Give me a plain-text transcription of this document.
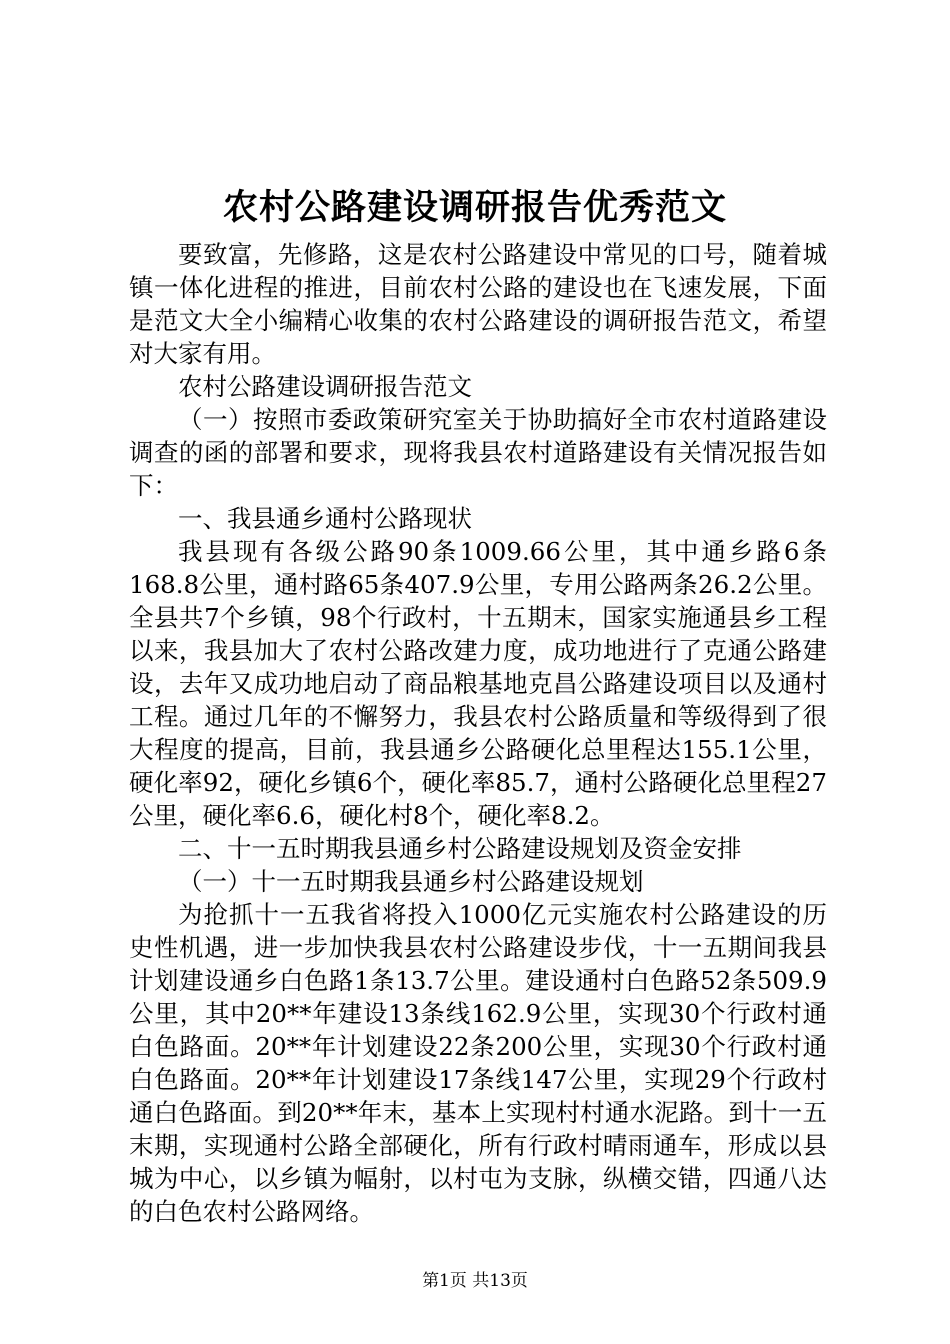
农村公路建设调研报告优秀范文

要致富，先修路，这是农村公路建设中常见的口号，随着城镇一体化进程的推进，目前农村公路的建设也在飞速发展，下面是范文大全小编精心收集的农村公路建设的调研报告范文，希望对大家有用。

农村公路建设调研报告范文

（一）按照市委政策研究室关于协助搞好全市农村道路建设调查的函的部署和要求，现将我县农村道路建设有关情况报告如下：

一、我县通乡通村公路现状

我县现有各级公路90条1009.66公里，其中通乡路6条168.8公里，通村路65条407.9公里，专用公路两条26.2公里。全县共7个乡镇，98个行政村，十五期末，国家实施通县乡工程以来，我县加大了农村公路改建力度，成功地进行了克通公路建设，去年又成功地启动了商品粮基地克昌公路建设项目以及通村工程。通过几年的不懈努力，我县农村公路质量和等级得到了很大程度的提高，目前，我县通乡公路硬化总里程达155.1公里，硬化率92，硬化乡镇6个，硬化率85.7，通村公路硬化总里程27公里，硬化率6.6，硬化村8个，硬化率8.2。

二、十一五时期我县通乡村公路建设规划及资金安排

（一）十一五时期我县通乡村公路建设规划

为抢抓十一五我省将投入1000亿元实施农村公路建设的历史性机遇，进一步加快我县农村公路建设步伐，十一五期间我县计划建设通乡白色路1条13.7公里。建设通村白色路52条509.9公里，其中20**年建设13条线162.9公里，实现30个行政村通白色路面。20**年计划建设22条200公里，实现30个行政村通白色路面。20**年计划建设17条线147公里，实现29个行政村通白色路面。到20**年末，基本上实现村村通水泥路。到十一五末期，实现通村公路全部硬化，所有行政村晴雨通车，形成以县城为中心，以乡镇为幅射，以村屯为支脉，纵横交错，四通八达的白色农村公路网络。

第1页 共13页
